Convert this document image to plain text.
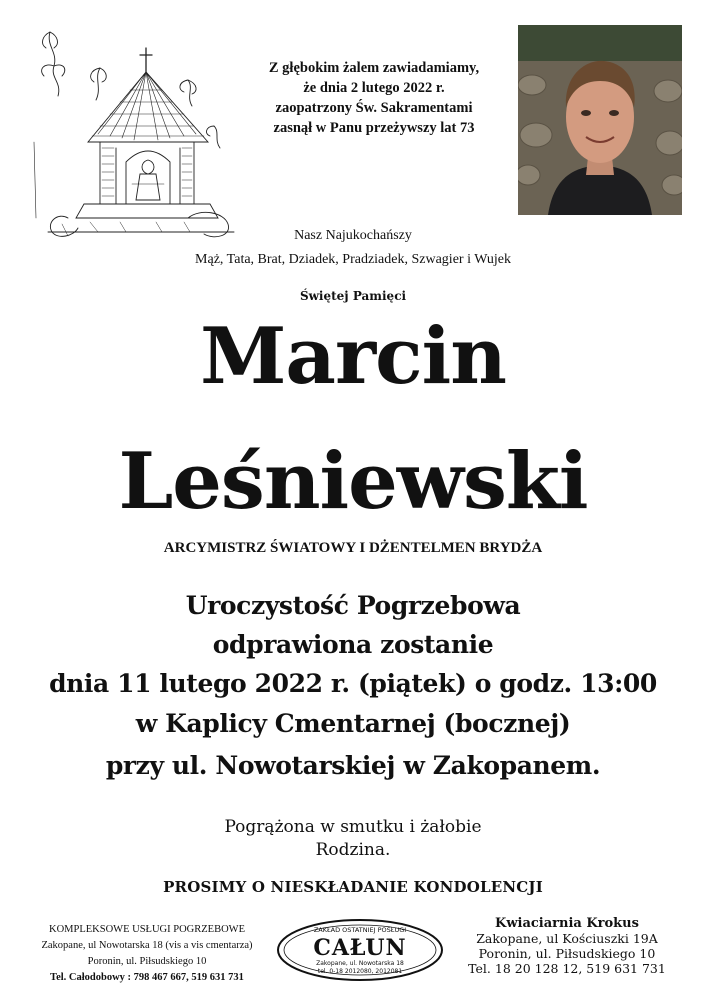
Z głębokim żalem zawiadamiamy,
że dnia 2 lutego 2022 r.
zaopatrzony Św. Sakramentami
zasnął w Panu przeżywszy lat 73
Nasz Najukochańszy
Mąż, Tata, Brat, Dziadek, Pradziadek, Szwagier i Wujek
Świętej Pamięci
Marcin
Leśniewski
ARCYMISTRZ ŚWIATOWY I DŻENTELMEN BRYDŻA
Uroczystość Pogrzebowa
odprawiona zostanie
dnia 11 lutego 2022 r. (piątek) o godz. 13:00
w Kaplicy Cmentarnej (bocznej)
przy ul. Nowotarskiej w Zakopanem.
Pogrążona w smutku i żałobie
Rodzina.
PROSIMY O NIESKŁADANIE KONDOLENCJI
KOMPLEKSOWE USŁUGI POGRZEBOWE
Zakopane, ul Nowotarska 18 (vis a vis cmentarza)
Poronin, ul. Piłsudskiego 10
Tel. Całodobowy : 798 467 667, 519 631 731
ZAKŁAD OSTATNIEJ POSŁUGI
CAŁUN
Zakopane, ul. Nowotarska 18
tel. 0-18 2012080, 2012081
Kwiaciarnia Krokus
Zakopane, ul Kościuszki 19A
Poronin, ul. Piłsudskiego 10
Tel. 18 20 128 12, 519 631 731
